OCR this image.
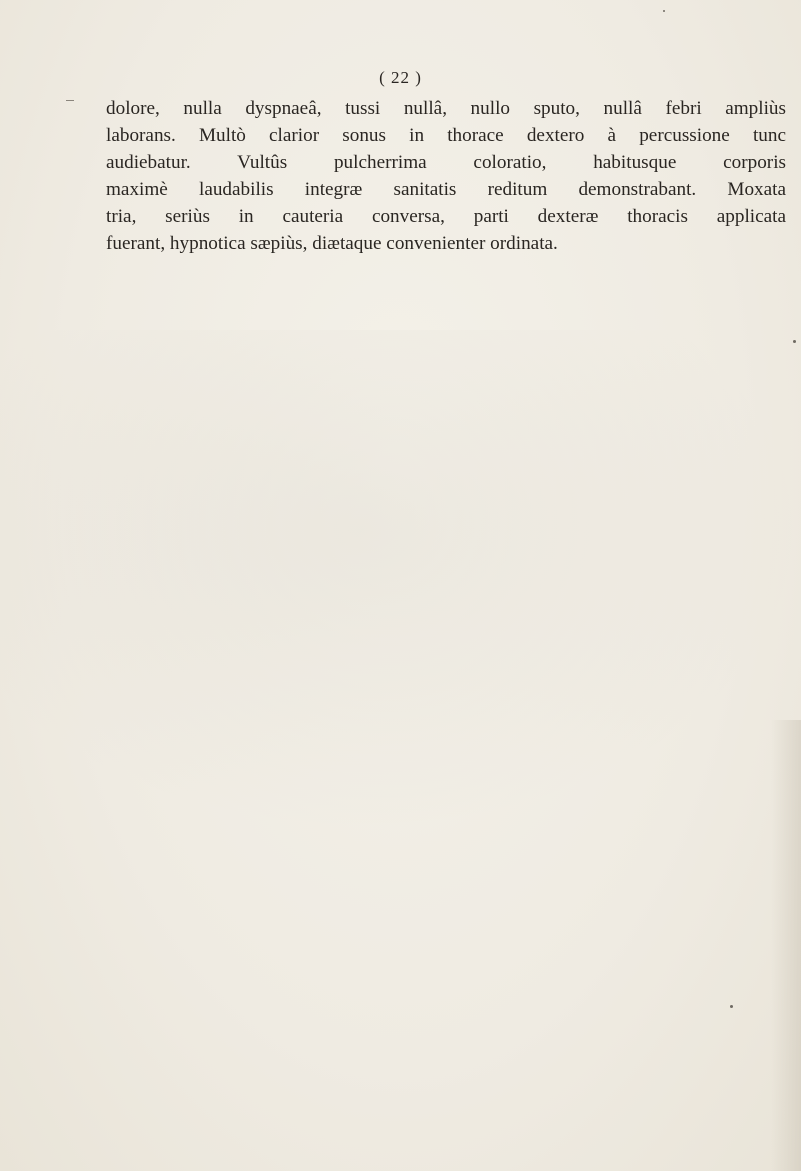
( 22 )
dolore, nulla dyspnaeâ, tussi nullâ, nullo sputo, nullâ febri ampliùs
laborans. Multò clarior sonus in thorace dextero à percussione tunc
audiebatur. Vultûs pulcherrima coloratio, habitusque corporis
maximè laudabilis integræ sanitatis reditum demonstrabant. Moxata
tria, seriùs in cauteria conversa, parti dexteræ thoracis applicata
fuerant, hypnotica sæpiùs, diætaque convenienter ordinata.
